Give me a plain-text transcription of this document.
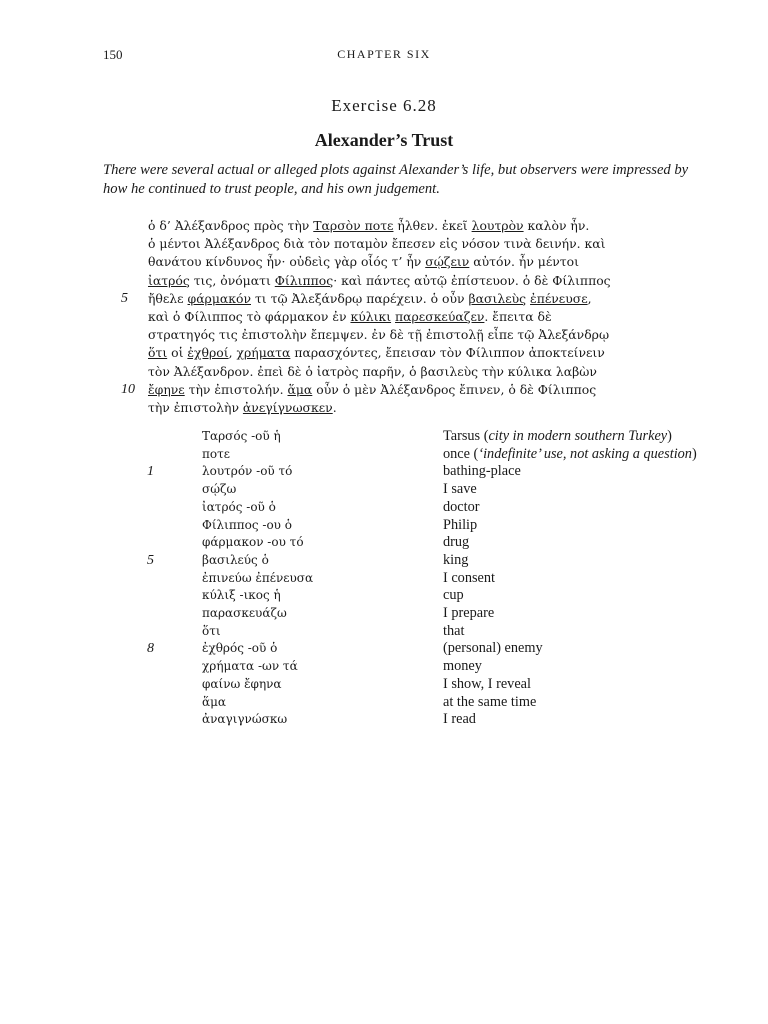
150	CHAPTER SIX
Exercise 6.28
Alexander’s Trust
There were several actual or alleged plots against Alexander’s life, but observers were impressed by how he continued to trust people, and his own judgement.
ὁ δ’ Ἀλέξανδρος πρὸς τὴν Ταρσὸν ποτε ἦλθεν. ἐκεῖ λουτρὸν καλὸν ἦν.
ὁ μέντοι Ἀλέξανδρος διὰ τὸν ποταμὸν ἔπεσεν εἰς νόσον τινὰ δεινήν. καὶ
θανάτου κίνδυνος ἦν· οὐδεὶς γὰρ οἷός τ’ ἦν σῴζειν αὐτόν. ἦν μέντοι
ἰατρός τις, ὀνόματι Φίλιππος· καὶ πάντες αὐτῷ ἐπίστευον. ὁ δὲ Φίλιππος
5 ἤθελε φάρμακόν τι τῷ Ἀλεξάνδρῳ παρέχειν. ὁ οὖν βασιλεὺς ἐπένευσε,
καὶ ὁ Φίλιππος τὸ φάρμακον ἐν κύλικι παρεσκεύαζεν. ἔπειτα δὲ
στρατηγός τις ἐπιστολὴν ἔπεμψεν. ἐν δὲ τῇ ἐπιστολῇ εἶπε τῷ Ἀλεξάνδρῳ
ὅτι οἱ ἐχθροί, χρήματα παρασχόντες, ἔπεισαν τὸν Φίλιππον ἀποκτείνειν
τὸν Ἀλέξανδρον. ἐπεὶ δὲ ὁ ἰατρὸς παρῆν, ὁ βασιλεὺς τὴν κύλικα λαβὼν
10 ἔφηνε τὴν ἐπιστολήν. ἅμα οὖν ὁ μὲν Ἀλέξανδρος ἔπινεν, ὁ δὲ Φίλιππος
τὴν ἐπιστολὴν ἀνεγίγνωσκεν.
Ταρσός -οῦ ἡ	Tarsus (city in modern southern Turkey)
ποτε	once (‘indefinite’ use, not asking a question)
1	λουτρόν -οῦ τό	bathing-place
σῴζω	I save
ἰατρός -οῦ ὁ	doctor
Φίλιππος -ου ὁ	Philip
φάρμακον -ου τό	drug
5	βασιλεύς ὁ	king
ἐπινεύω ἐπένευσα	I consent
κύλιξ -ικος ἡ	cup
παρασκευάζω	I prepare
ὅτι	that
8	ἐχθρός -οῦ ὁ	(personal) enemy
χρήματα -ων τά	money
φαίνω ἔφηνα	I show, I reveal
ἅμα	at the same time
ἀναγιγνώσκω	I read
